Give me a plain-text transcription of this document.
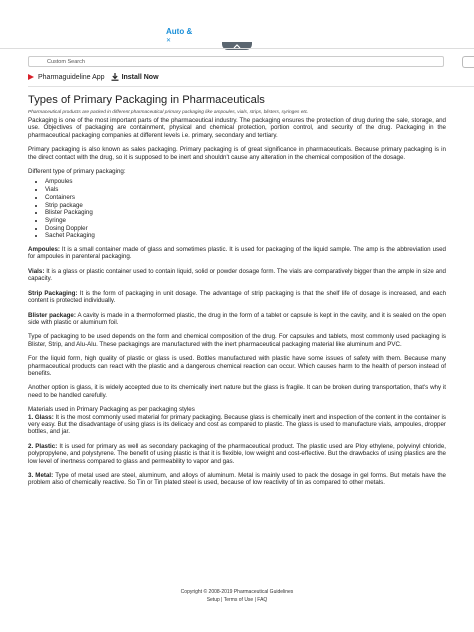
Auto &
✕
Custom Search
Pharmaguideline App Install Now
Types of Primary Packaging in Pharmaceuticals
Pharmaceutical products are packed in different pharmaceutical primary packaging like ampoules, vials, strips, blisters, syringes etc.

Packaging is one of the most important parts of the pharmaceutical industry. The packaging ensures the protection of drug during the sale, storage, and use. Objectives of packaging are containment, physical and chemical protection, portion control, and security of the drug. Packaging in the pharmaceutical packaging companies at different levels i.e. primary, secondary and tertiary.

Primary packaging is also known as sales packaging. Primary packaging is of great significance in pharmaceuticals. Because primary packaging is in the direct contact with the drug, so it is supposed to be inert and shouldn't cause any alteration in the chemical composition of the dosage.

Different type of primary packaging:

• Ampoules
• Vials
• Containers
• Strip package
• Blister Packaging
• Syringe
• Dosing Doppler
• Sachet Packaging

Ampoules: It is a small container made of glass and sometimes plastic. It is used for packaging of the liquid sample. The amp is the abbreviation used for ampoules in parenteral packaging.

Vials: It is a glass or plastic container used to contain liquid, solid or powder dosage form. The vials are comparatively bigger than the ample in size and capacity.

Strip Packaging: It is the form of packaging in unit dosage. The advantage of strip packaging is that the shelf life of dosage is increased, and each content is protected individually.

Blister package: A cavity is made in a thermoformed plastic, the drug in the form of a tablet or capsule is kept in the cavity, and it is sealed on the open side with plastic or aluminum foil.

Type of packaging to be used depends on the form and chemical composition of the drug. For capsules and tablets, most commonly used packaging is Blister, Strip, and Alu-Alu. These packagings are manufactured with the inert pharmaceutical packaging material like aluminum and PVC.

For the liquid form, high quality of plastic or glass is used. Bottles manufactured with plastic have some issues of safety with them. Because many pharmaceutical products can react with the plastic and a dangerous chemical reaction can occur. Which causes harm to the health of person instead of benefits.

Another option is glass, it is widely accepted due to its chemically inert nature but the glass is fragile. It can be broken during transportation, that's why it need to be handled carefully.

Materials used in Primary Packaging as per packaging styles

1. Glass: It is the most commonly used material for primary packaging. Because glass is chemically inert and inspection of the content in the container is very easy. But the disadvantage of using glass is its delicacy and cost as compared to plastic. The glass is used to manufacture vials, ampoules, dropper bottles, and jar.

2. Plastic: It is used for primary as well as secondary packaging of the pharmaceutical product. The plastic used are Ploy ethylene, polyvinyl chloride, polypropylene, and polystyrene. The benefit of using plastic is that it is flexible, low weight and cost-effective. But the drawbacks of using plastics are the low level of inertness compared to glass and permeability to vapor and gas.

3. Metal: Type of metal used are steel, aluminum, and alloys of aluminum. Metal is mainly used to pack the dosage in gel forms. But metals have the problem also of chemically reactive. So Tin or Tin plated steel is used, because of low reactivity of tin as compared to other metals.

Copyright © 2008-2019 Pharmaceutical Guidelines
Setup | Terms of Use | FAQ
